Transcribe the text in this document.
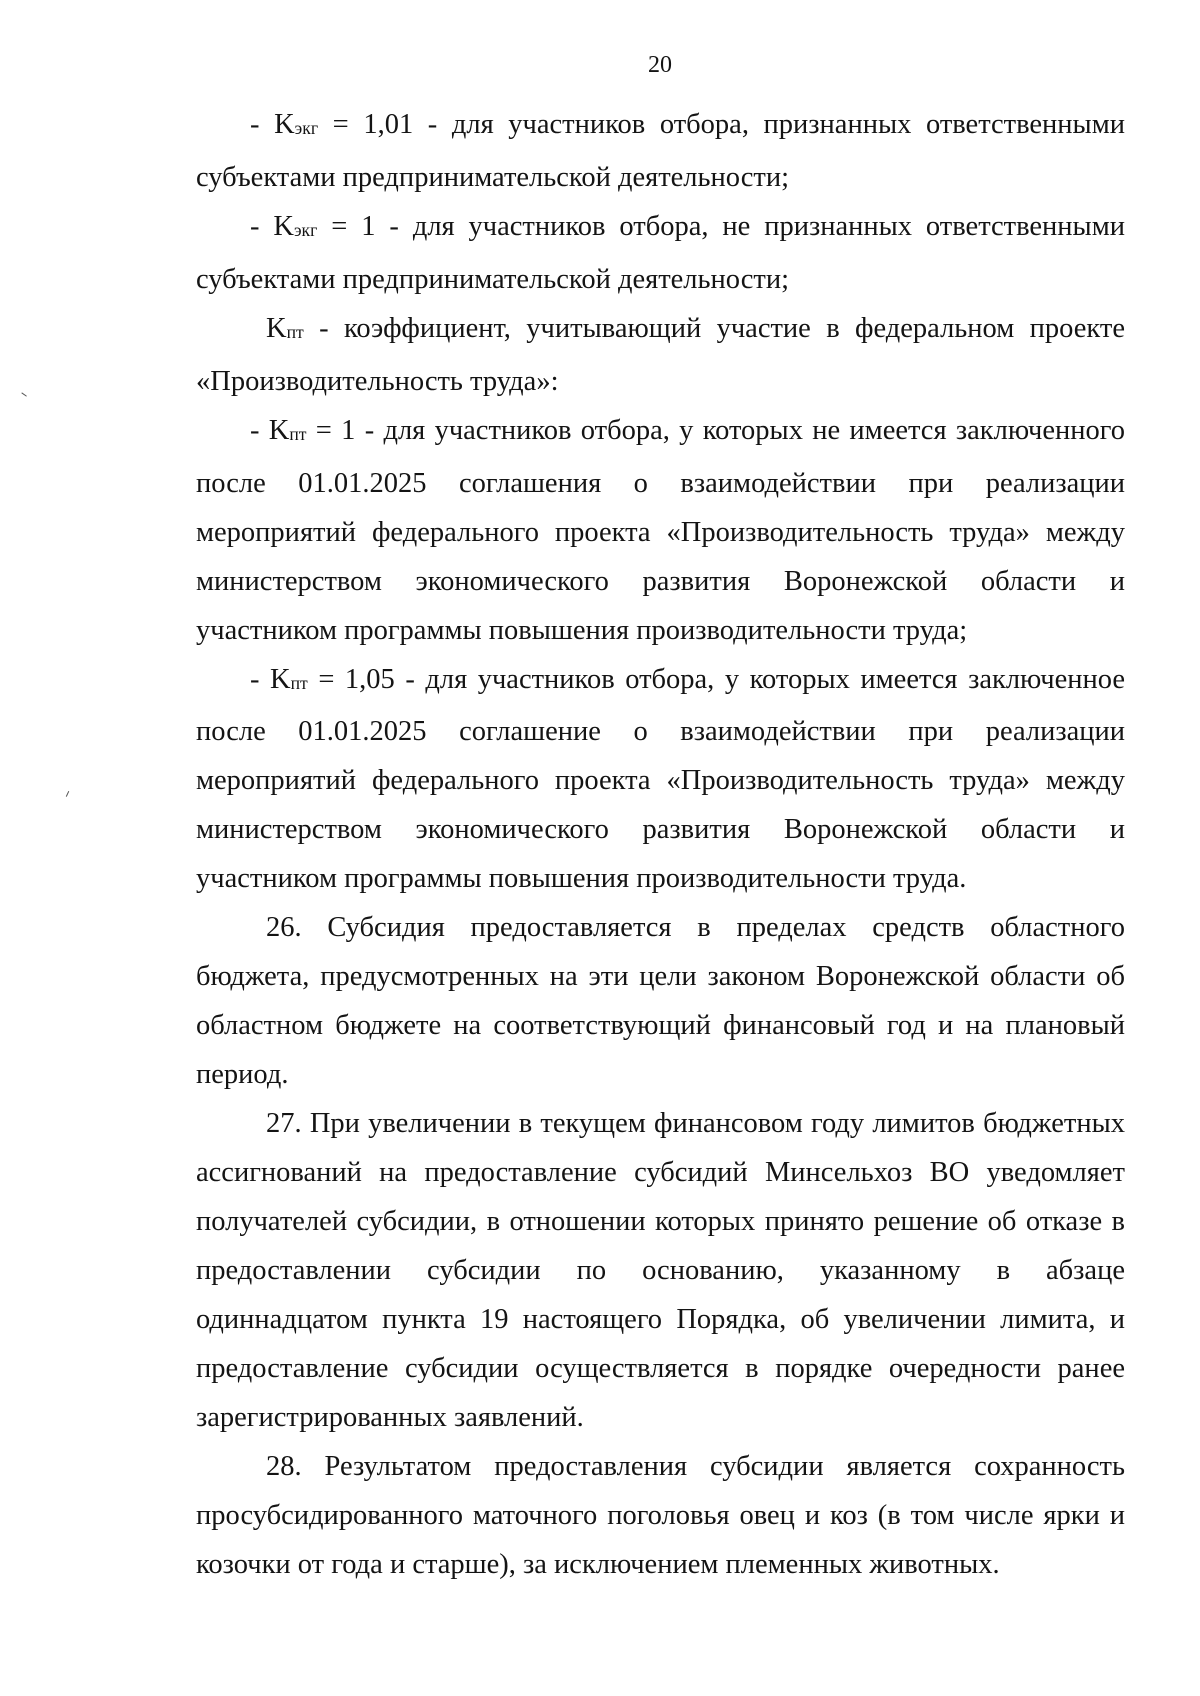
20

- Kэкг = 1,01 - для участников отбора, признанных ответственными субъектами предпринимательской деятельности;

- Kэкг = 1 - для участников отбора, не признанных ответственными субъектами предпринимательской деятельности;

Kпт - коэффициент, учитывающий участие в федеральном проекте «Производительность труда»:

- Kпт = 1 - для участников отбора, у которых не имеется заключенного после 01.01.2025 соглашения о взаимодействии при реализации мероприятий федерального проекта «Производительность труда» между министерством экономического развития Воронежской области и участником программы повышения производительности труда;

- Kпт = 1,05 - для участников отбора, у которых имеется заключенное после 01.01.2025 соглашение о взаимодействии при реализации мероприятий федерального проекта «Производительность труда» между министерством экономического развития Воронежской области и участником программы повышения производительности труда.

26. Субсидия предоставляется в пределах средств областного бюджета, предусмотренных на эти цели законом Воронежской области об областном бюджете на соответствующий финансовый год и на плановый период.

27. При увеличении в текущем финансовом году лимитов бюджетных ассигнований на предоставление субсидий Минсельхоз ВО уведомляет получателей субсидии, в отношении которых принято решение об отказе в предоставлении субсидии по основанию, указанному в абзаце одиннадцатом пункта 19 настоящего Порядка, об увеличении лимита, и предоставление субсидии осуществляется в порядке очередности ранее зарегистрированных заявлений.

28. Результатом предоставления субсидии является сохранность просубсидированного маточного поголовья овец и коз (в том числе ярки и козочки от года и старше), за исключением племенных животных.
